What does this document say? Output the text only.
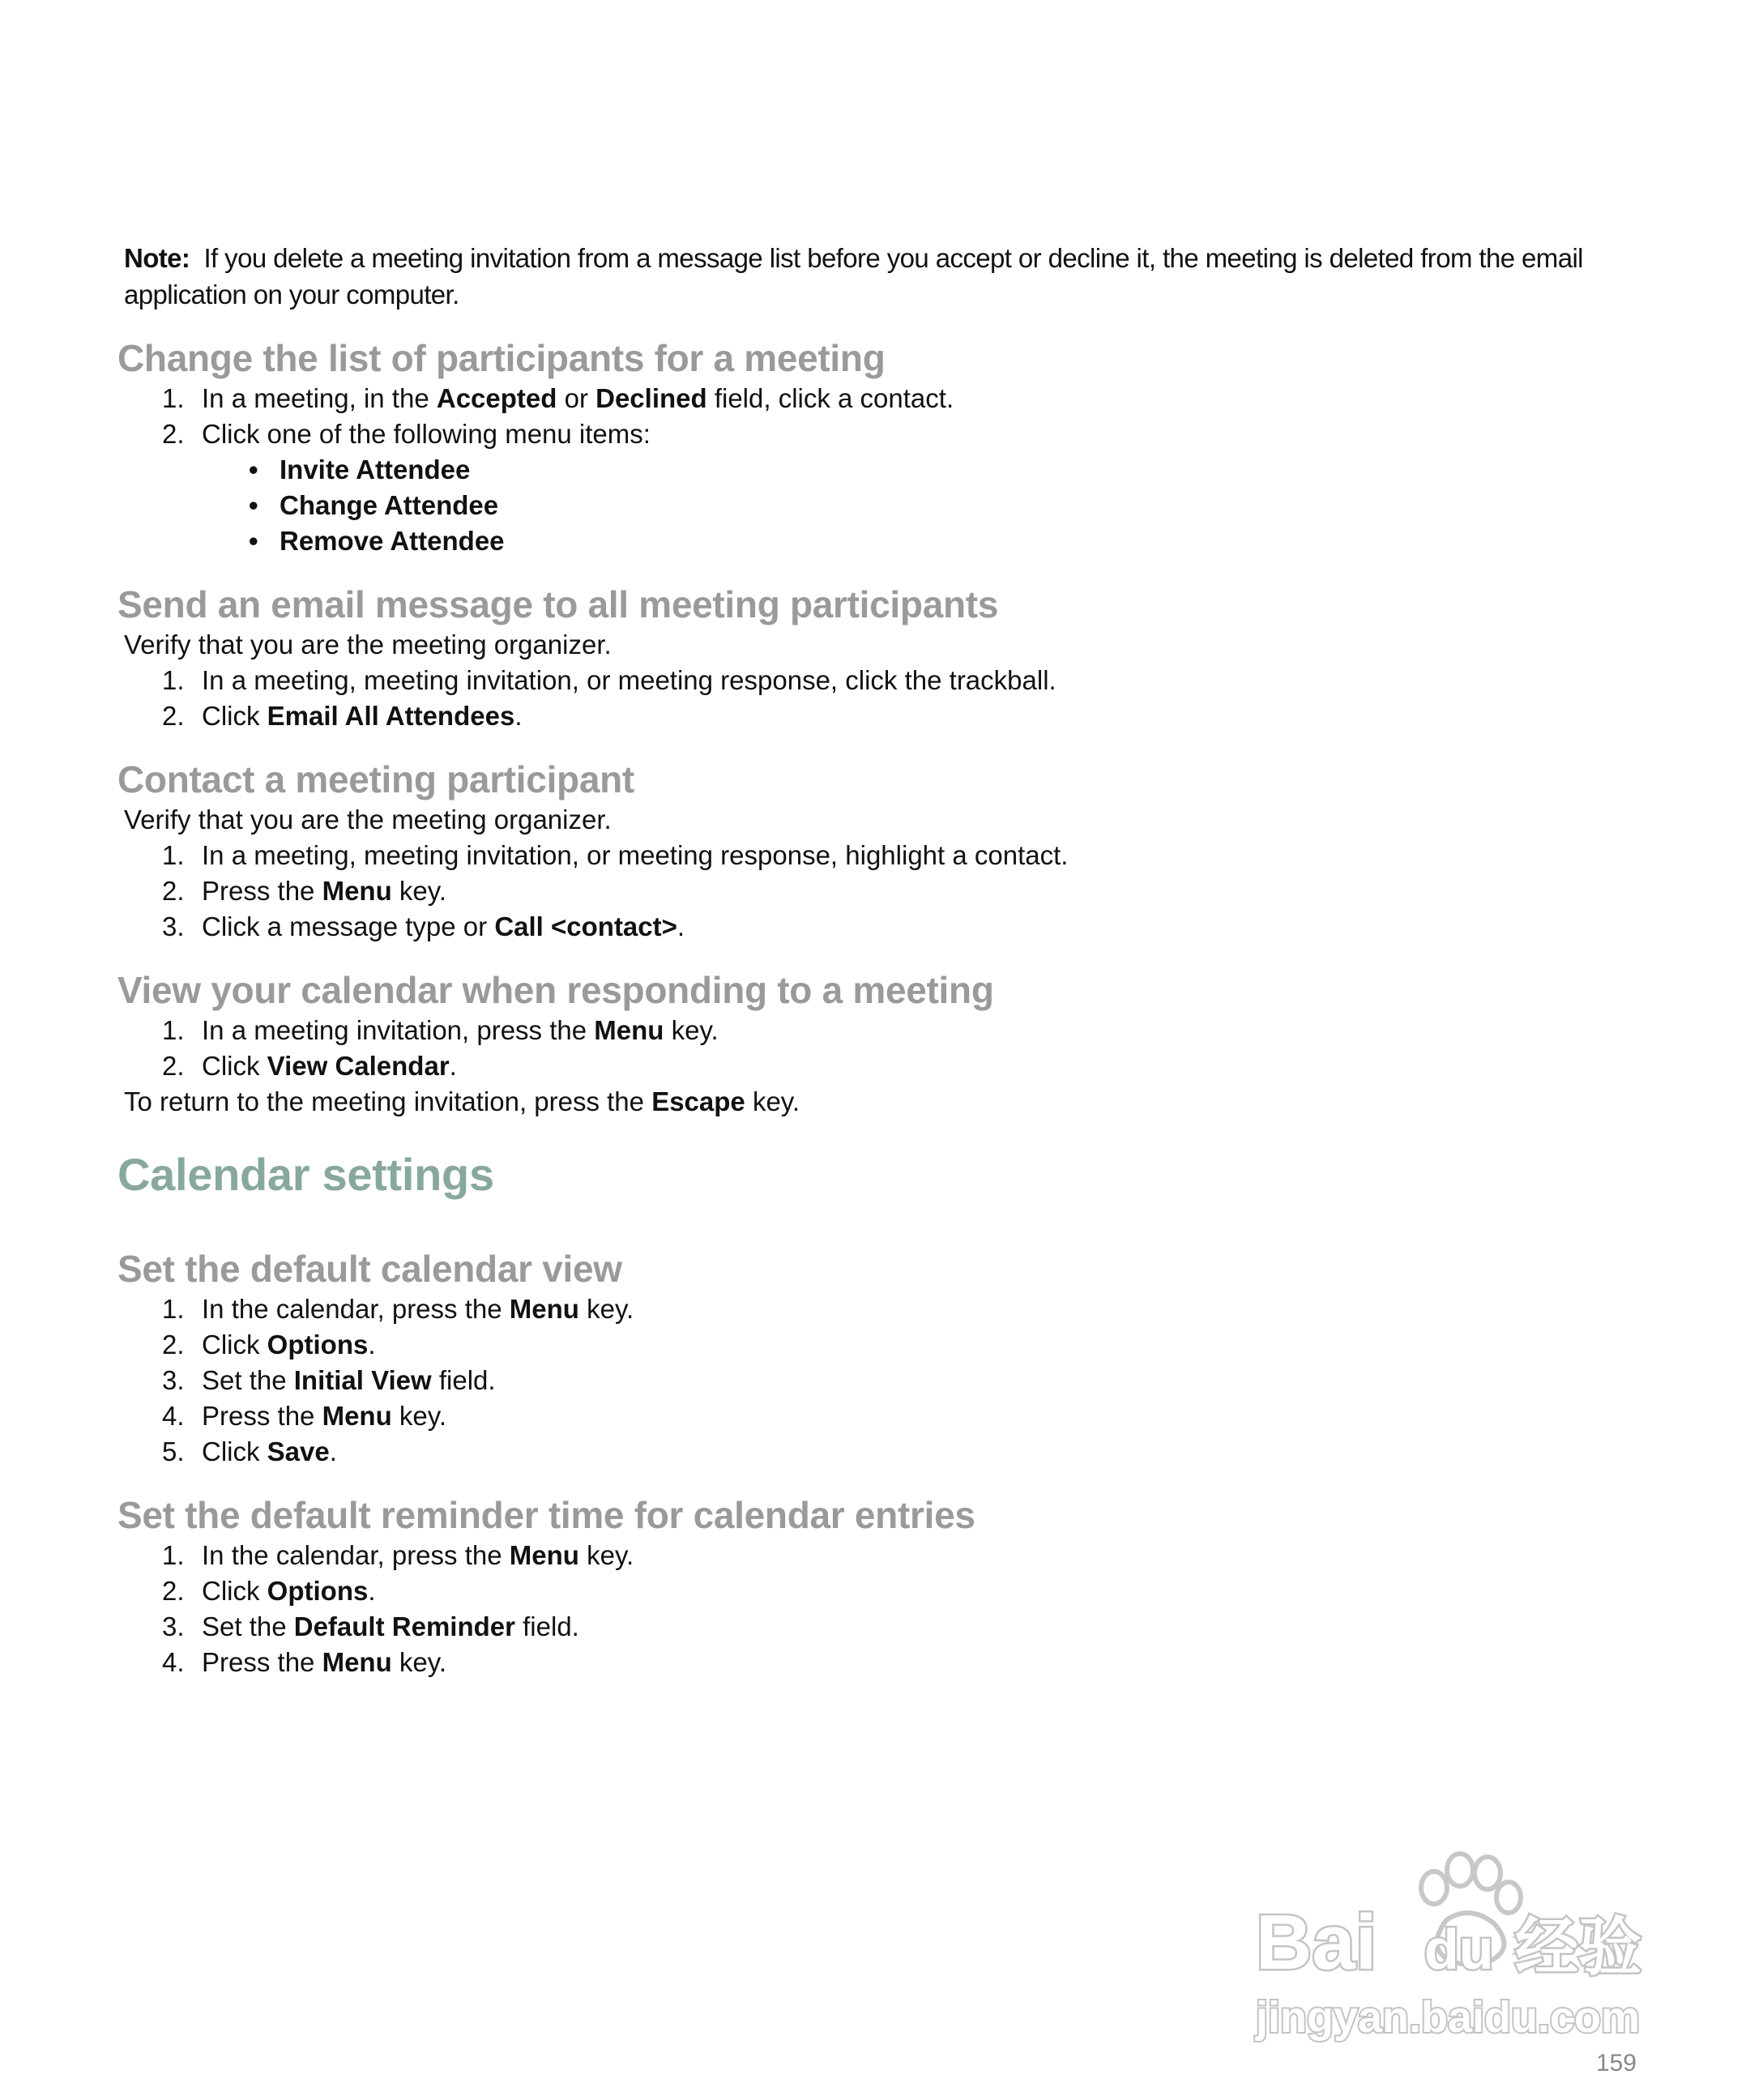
Note: If you delete a meeting invitation from a message list before you accept or decline it, the meeting is deleted from the email application on your computer.

Change the list of participants for a meeting
1. In a meeting, in the Accepted or Declined field, click a contact.
2. Click one of the following menu items:
• Invite Attendee
• Change Attendee
• Remove Attendee
Send an email message to all meeting participants

Verify that you are the meeting organizer.

1. In a meeting, meeting invitation, or meeting response, click the trackball.
2. Click Email All Attendees.
Contact a meeting participant

Verify that you are the meeting organizer.

1. In a meeting, meeting invitation, or meeting response, highlight a contact.
2. Press the Menu key.
3. Click a message type or Call <contact>.
View your calendar when responding to a meeting
1. In a meeting invitation, press the Menu key.
2. Click View Calendar.

To return to the meeting invitation, press the Escape key.

Calendar settings
Set the default calendar view
1. In the calendar, press the Menu key.
2. Click Options.
3. Set the Initial View field.
4. Press the Menu key.
5. Click Save.
Set the default reminder time for calendar entries
1. In the calendar, press the Menu key.
2. Click Options.
3. Set the Default Reminder field.
4. Press the Menu key.
Bai du 经验
jingyan.baidu.com
159
